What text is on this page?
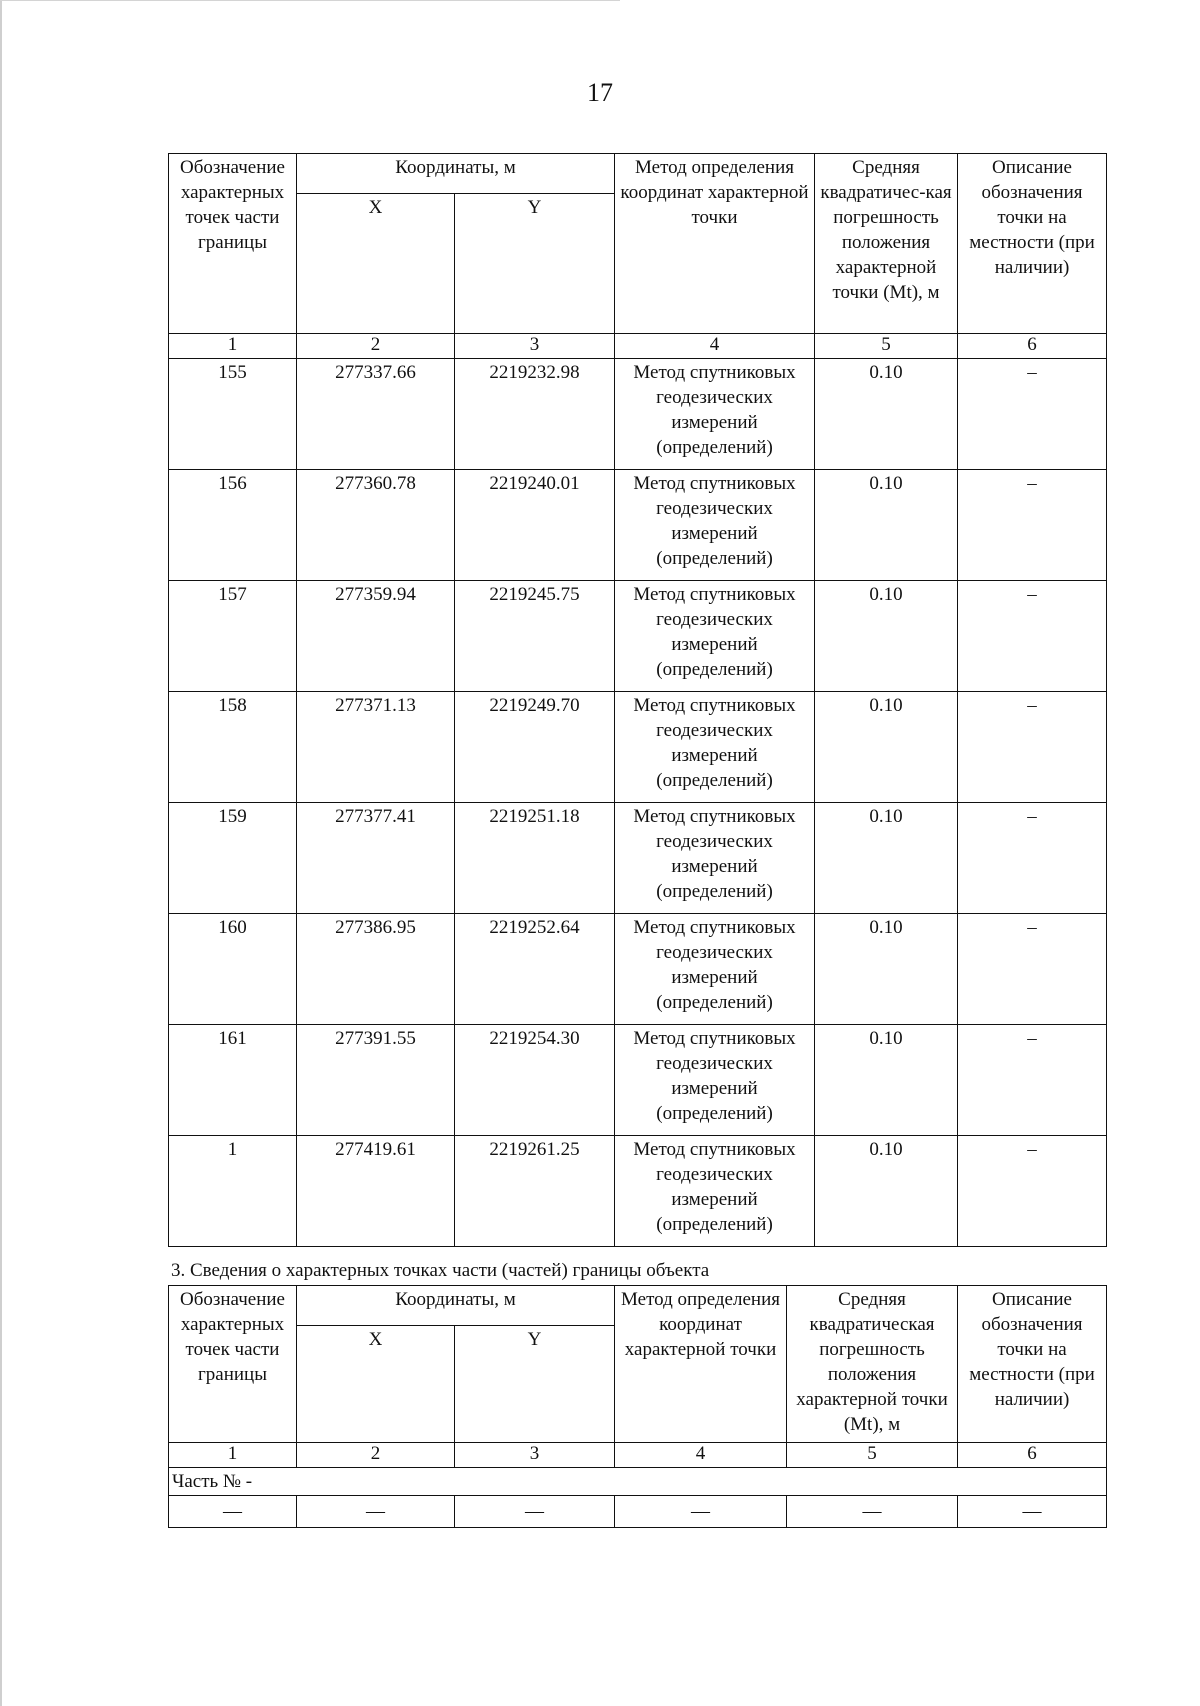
17
Обозначение характерных точек части границы	Координаты, м		Метод определения координат характерной точки	Средняя квадратичес-кая погрешность положения характерной точки (Mt), м	Описание обозначения точки на местности (при наличии)
	X	Y			
1	2	3	4	5	6
155	277337.66	2219232.98	Метод спутниковых геодезических измерений (определений)	0.10	–
156	277360.78	2219240.01	Метод спутниковых геодезических измерений (определений)	0.10	–
157	277359.94	2219245.75	Метод спутниковых геодезических измерений (определений)	0.10	–
158	277371.13	2219249.70	Метод спутниковых геодезических измерений (определений)	0.10	–
159	277377.41	2219251.18	Метод спутниковых геодезических измерений (определений)	0.10	–
160	277386.95	2219252.64	Метод спутниковых геодезических измерений (определений)	0.10	–
161	277391.55	2219254.30	Метод спутниковых геодезических измерений (определений)	0.10	–
1	277419.61	2219261.25	Метод спутниковых геодезических измерений (определений)	0.10	–
3. Сведения о характерных точках части (частей) границы объекта
Обозначение характерных точек части границы	Координаты, м		Метод определения координат характерной точки	Средняя квадратическая погрешность положения характерной точки (Mt), м	Описание обозначения точки на местности (при наличии)
	X	Y			
1	2	3	4	5	6
Часть № -					
—	—	—	—	—	—
